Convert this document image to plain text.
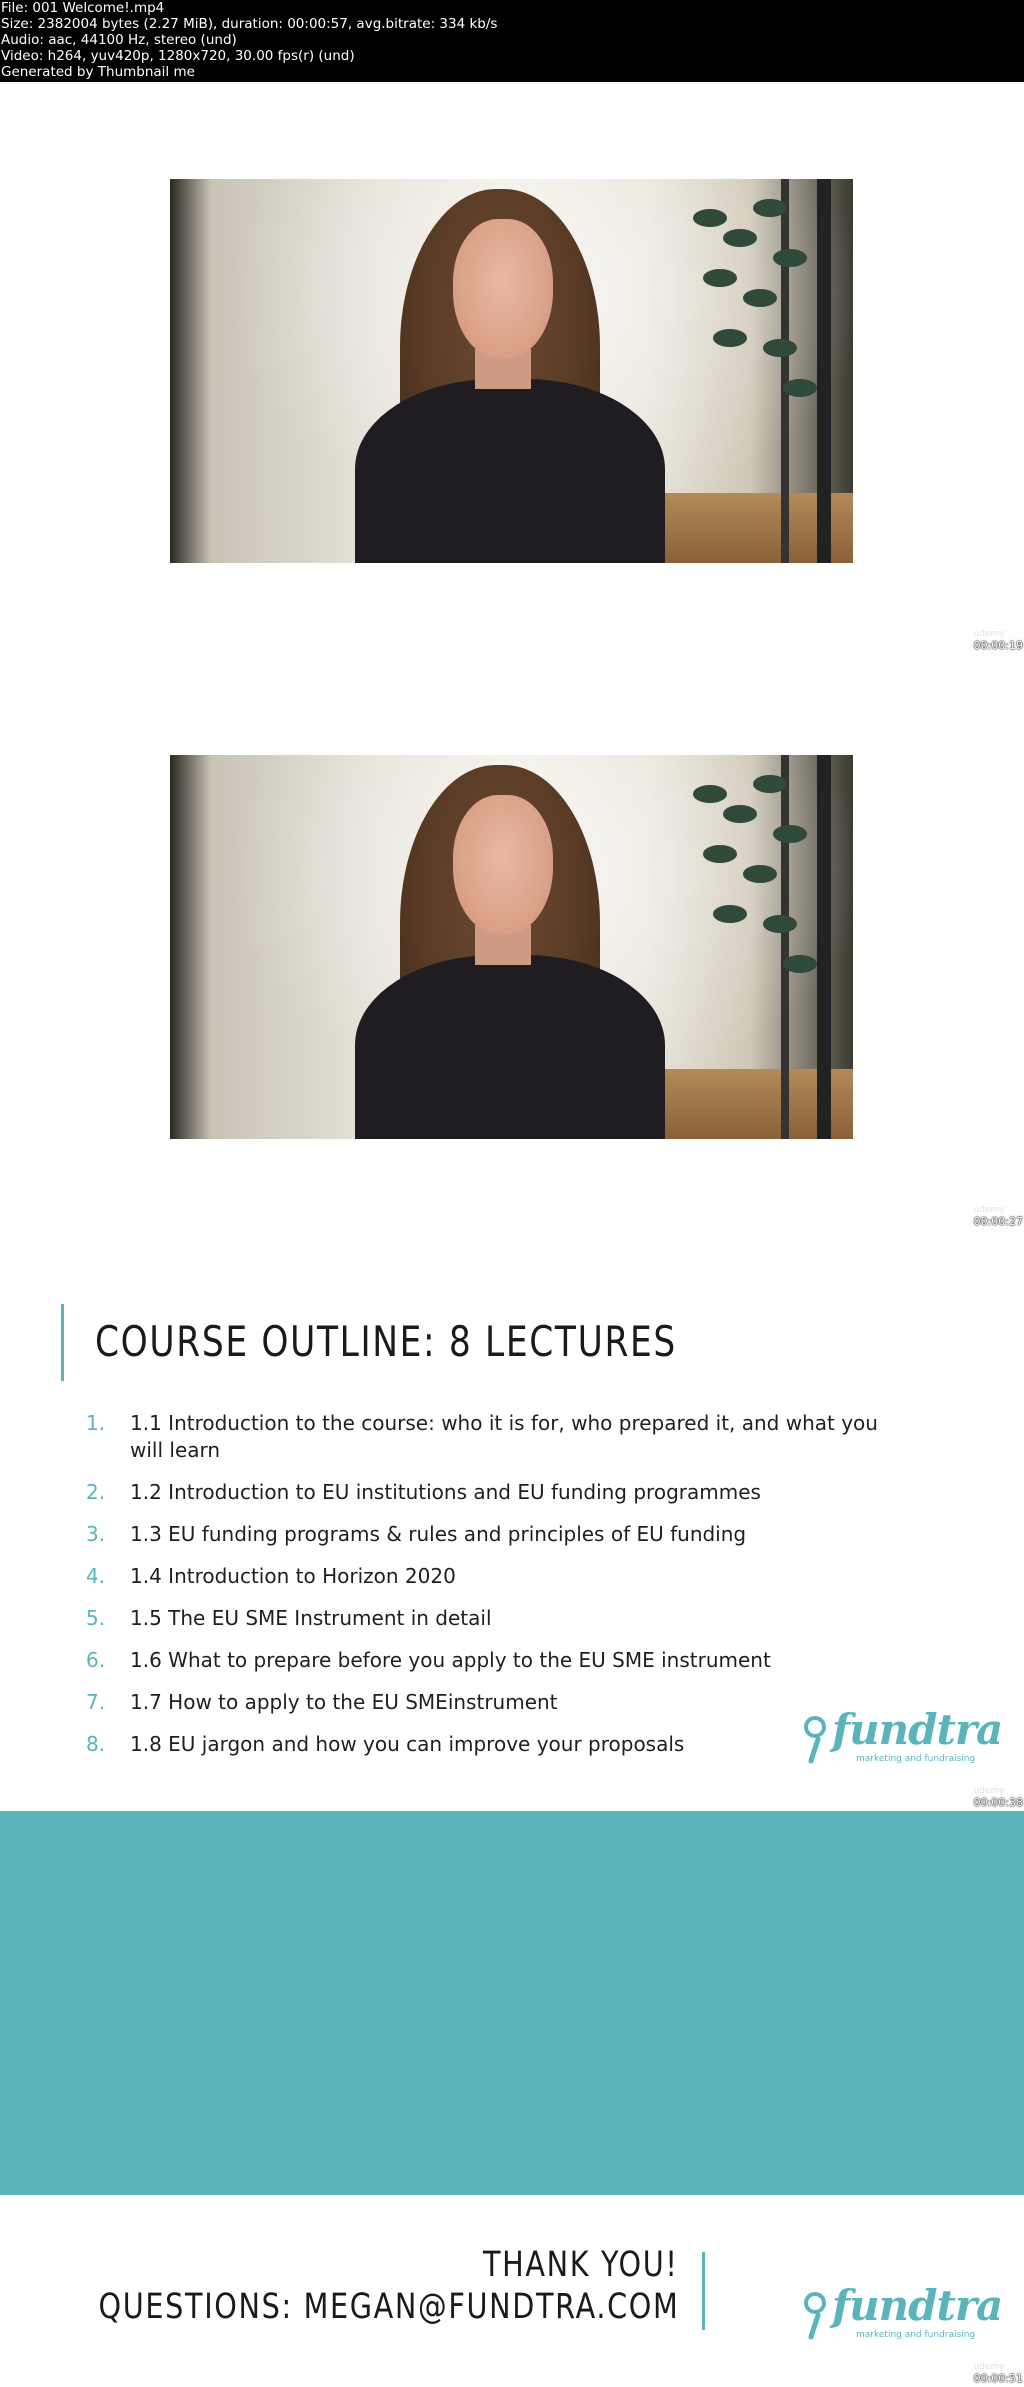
File: 001 Welcome!.mp4
Size: 2382004 bytes (2.27 MiB), duration: 00:00:57, avg.bitrate: 334 kb/s
Audio: aac, 44100 Hz, stereo (und)
Video: h264, yuv420p, 1280x720, 30.00 fps(r) (und)
Generated by Thumbnail me
udemy
00:00:19
udemy
00:00:27
udemy
00:00:38
COURSE OUTLINE: 8 LECTURES
1. 1.1 Introduction to the course: who it is for, who prepared it, and what you will learn
2. 1.2 Introduction to EU institutions and EU funding programmes
3. 1.3 EU funding programs & rules and principles of EU funding
4. 1.4 Introduction to Horizon 2020
5. 1.5 The EU SME Instrument in detail
6. 1.6 What to prepare before you apply to the EU SME instrument
7. 1.7 How to apply to the EU SMEinstrument
8. 1.8 EU jargon and how you can improve your proposals	fundtra
marketing and fundraising
THANK YOU!
QUESTIONS: MEGAN@FUNDTRA.COM	fundtra
marketing and fundraising
udemy
00:00:51
